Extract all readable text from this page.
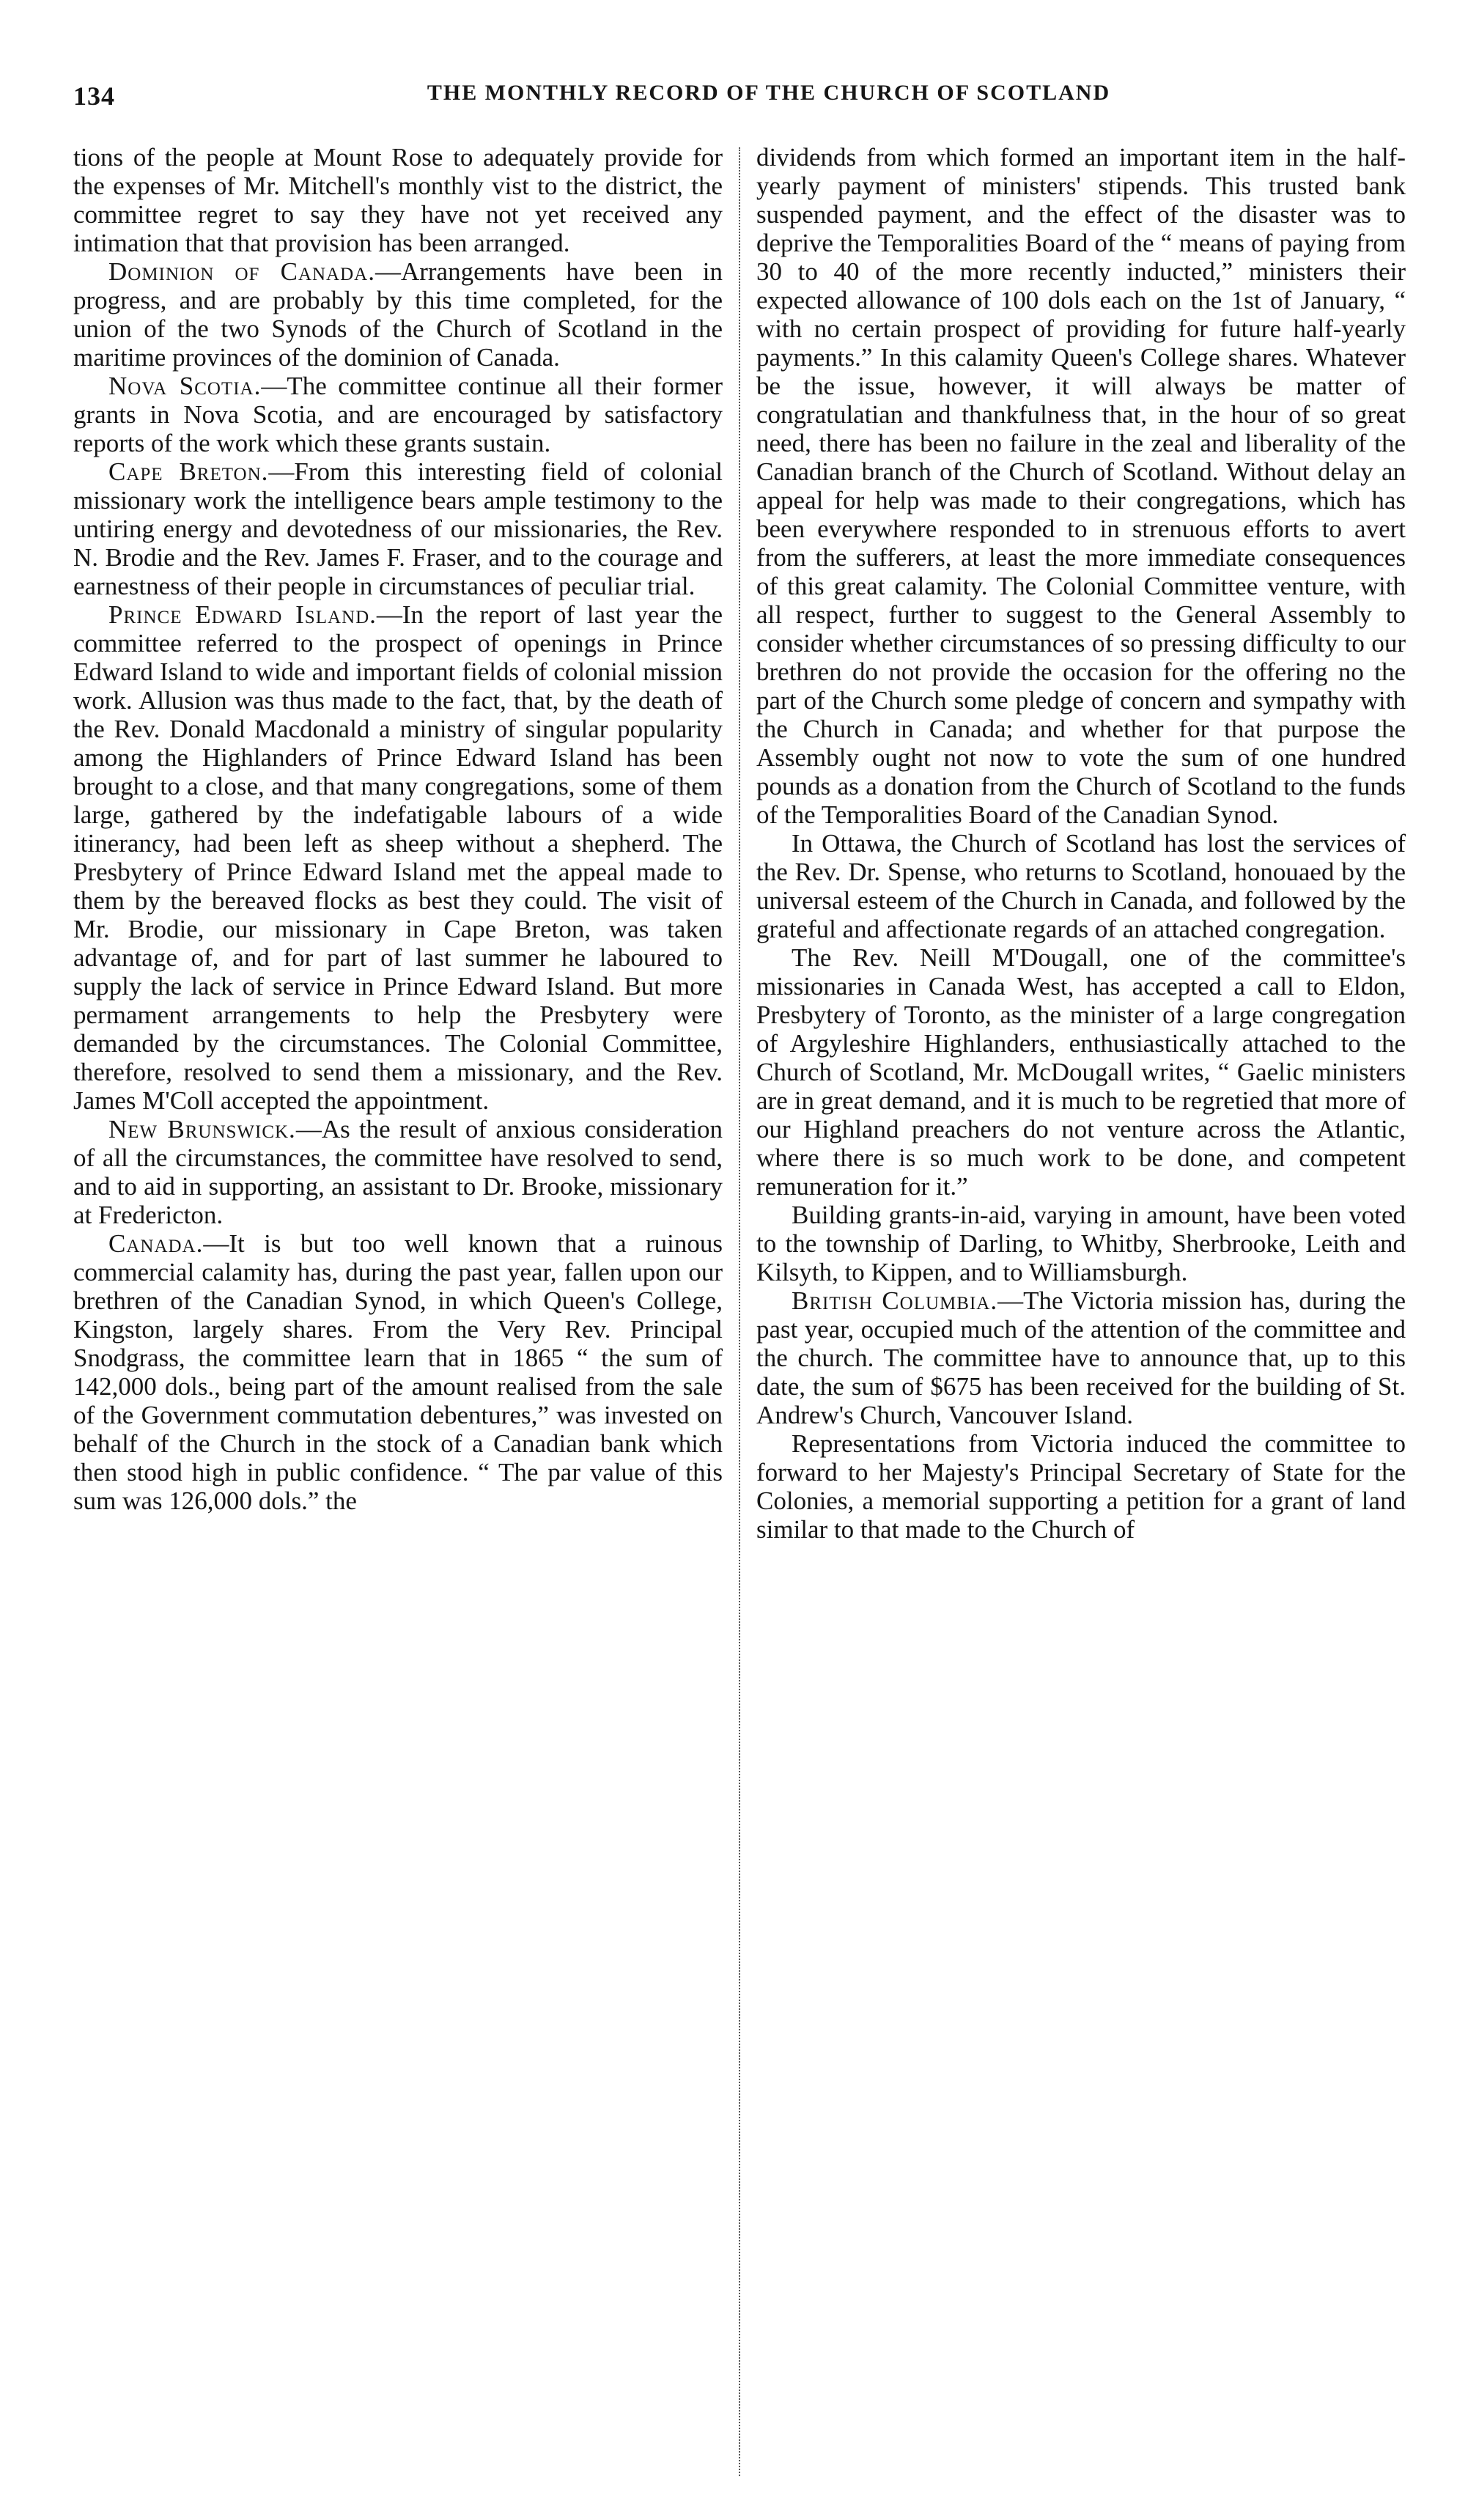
134	THE MONTHLY RECORD OF THE CHURCH OF SCOTLAND

tions of the people at Mount Rose to adequately provide for the expenses of Mr. Mitchell's monthly vist to the district, the committee regret to say they have not yet received any intimation that that provision has been arranged.

Dominion of Canada.—Arrangements have been in progress, and are probably by this time completed, for the union of the two Synods of the Church of Scotland in the maritime provinces of the dominion of Canada.

Nova Scotia.—The committee continue all their former grants in Nova Scotia, and are encouraged by satisfactory reports of the work which these grants sustain.

Cape Breton.—From this interesting field of colonial missionary work the intelligence bears ample testimony to the untiring energy and devotedness of our missionaries, the Rev. N. Brodie and the Rev. James F. Fraser, and to the courage and earnestness of their people in circumstances of peculiar trial.

Prince Edward Island.—In the report of last year the committee referred to the prospect of openings in Prince Edward Island to wide and important fields of colonial mission work. Allusion was thus made to the fact, that, by the death of the Rev. Donald Macdonald a ministry of singular popularity among the Highlanders of Prince Edward Island has been brought to a close, and that many congregations, some of them large, gathered by the indefatigable labours of a wide itinerancy, had been left as sheep without a shepherd. The Presbytery of Prince Edward Island met the appeal made to them by the bereaved flocks as best they could. The visit of Mr. Brodie, our missionary in Cape Breton, was taken advantage of, and for part of last summer he laboured to supply the lack of service in Prince Edward Island. But more permament arrangements to help the Presbytery were demanded by the circumstances. The Colonial Committee, therefore, resolved to send them a missionary, and the Rev. James M'Coll accepted the appointment.

New Brunswick.—As the result of anxious consideration of all the circumstances, the committee have resolved to send, and to aid in supporting, an assistant to Dr. Brooke, missionary at Fredericton.

Canada.—It is but too well known that a ruinous commercial calamity has, during the past year, fallen upon our brethren of the Canadian Synod, in which Queen's College, Kingston, largely shares. From the Very Rev. Principal Snodgrass, the committee learn that in 1865 “ the sum of 142,000 dols., being part of the amount realised from the sale of the Government commutation debentures,” was invested on behalf of the Church in the stock of a Canadian bank which then stood high in public confidence. “ The par value of this sum was 126,000 dols.” the

dividends from which formed an important item in the half-yearly payment of ministers' stipends. This trusted bank suspended payment, and the effect of the disaster was to deprive the Temporalities Board of the “ means of paying from 30 to 40 of the more recently inducted,” ministers their expected allowance of 100 dols each on the 1st of January, “ with no certain prospect of providing for future half-yearly payments.” In this calamity Queen's College shares. Whatever be the issue, however, it will always be matter of congratulatian and thankfulness that, in the hour of so great need, there has been no failure in the zeal and liberality of the Canadian branch of the Church of Scotland. Without delay an appeal for help was made to their congregations, which has been everywhere responded to in strenuous efforts to avert from the sufferers, at least the more immediate consequences of this great calamity. The Colonial Committee venture, with all respect, further to suggest to the General Assembly to consider whether circumstances of so pressing difficulty to our brethren do not provide the occasion for the offering no the part of the Church some pledge of concern and sympathy with the Church in Canada; and whether for that purpose the Assembly ought not now to vote the sum of one hundred pounds as a donation from the Church of Scotland to the funds of the Temporalities Board of the Canadian Synod.

In Ottawa, the Church of Scotland has lost the services of the Rev. Dr. Spense, who returns to Scotland, honouaed by the universal esteem of the Church in Canada, and followed by the grateful and affectionate regards of an attached congregation.

The Rev. Neill M'Dougall, one of the committee's missionaries in Canada West, has accepted a call to Eldon, Presbytery of Toronto, as the minister of a large congregation of Argyleshire Highlanders, enthusiastically attached to the Church of Scotland, Mr. McDougall writes, “ Gaelic ministers are in great demand, and it is much to be regretied that more of our Highland preachers do not venture across the Atlantic, where there is so much work to be done, and competent remuneration for it.”

Building grants-in-aid, varying in amount, have been voted to the township of Darling, to Whitby, Sherbrooke, Leith and Kilsyth, to Kippen, and to Williamsburgh.

British Columbia.—The Victoria mission has, during the past year, occupied much of the attention of the committee and the church. The committee have to announce that, up to this date, the sum of $675 has been received for the building of St. Andrew's Church, Vancouver Island.

Representations from Victoria induced the committee to forward to her Majesty's Principal Secretary of State for the Colonies, a memorial supporting a petition for a grant of land similar to that made to the Church of
